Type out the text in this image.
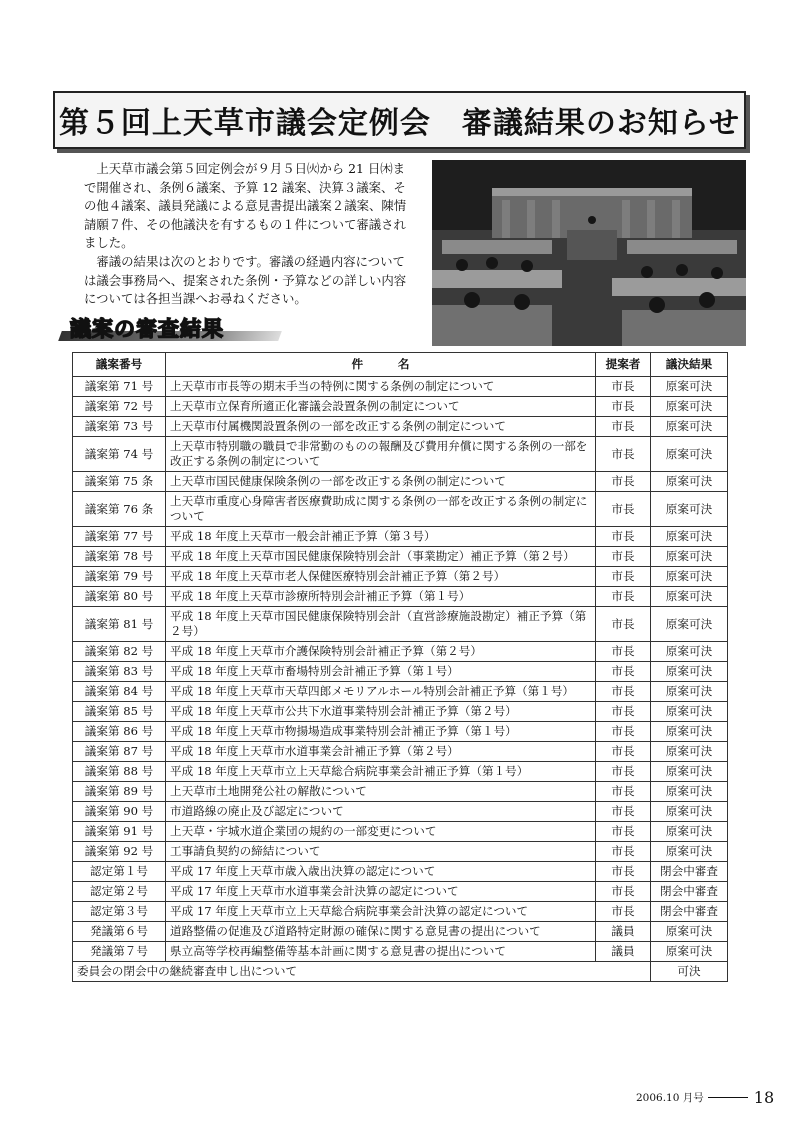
第５回上天草市議会定例会　審議結果のお知らせ

上天草市議会第５回定例会が９月５日㈫から 21 日㈭まで開催され、条例６議案、予算 12 議案、決算３議案、その他４議案、議員発議による意見書提出議案２議案、陳情請願７件、その他議決を有するもの１件について審議されました。

審議の結果は次のとおりです。審議の経過内容については議会事務局へ、提案された条例・予算などの詳しい内容については各担当課へお尋ねください。

議案の審査結果
議案番号	件　　　名	提案者	議決結果
議案第 71 号	上天草市市長等の期末手当の特例に関する条例の制定について	市長	原案可決
議案第 72 号	上天草市立保育所適正化審議会設置条例の制定について	市長	原案可決
議案第 73 号	上天草市付属機関設置条例の一部を改正する条例の制定について	市長	原案可決
議案第 74 号	上天草市特別職の職員で非常勤のものの報酬及び費用弁償に関する条例の一部を改正する条例の制定について	市長	原案可決
議案第 75 条	上天草市国民健康保険条例の一部を改正する条例の制定について	市長	原案可決
議案第 76 条	上天草市重度心身障害者医療費助成に関する条例の一部を改正する条例の制定について	市長	原案可決
議案第 77 号	平成 18 年度上天草市一般会計補正予算（第３号）	市長	原案可決
議案第 78 号	平成 18 年度上天草市国民健康保険特別会計（事業勘定）補正予算（第２号）	市長	原案可決
議案第 79 号	平成 18 年度上天草市老人保健医療特別会計補正予算（第２号）	市長	原案可決
議案第 80 号	平成 18 年度上天草市診療所特別会計補正予算（第１号）	市長	原案可決
議案第 81 号	平成 18 年度上天草市国民健康保険特別会計（直営診療施設勘定）補正予算（第２号）	市長	原案可決
議案第 82 号	平成 18 年度上天草市介護保険特別会計補正予算（第２号）	市長	原案可決
議案第 83 号	平成 18 年度上天草市畜場特別会計補正予算（第１号）	市長	原案可決
議案第 84 号	平成 18 年度上天草市天草四郎メモリアルホール特別会計補正予算（第１号）	市長	原案可決
議案第 85 号	平成 18 年度上天草市公共下水道事業特別会計補正予算（第２号）	市長	原案可決
議案第 86 号	平成 18 年度上天草市物揚場造成事業特別会計補正予算（第１号）	市長	原案可決
議案第 87 号	平成 18 年度上天草市水道事業会計補正予算（第２号）	市長	原案可決
議案第 88 号	平成 18 年度上天草市立上天草総合病院事業会計補正予算（第１号）	市長	原案可決
議案第 89 号	上天草市土地開発公社の解散について	市長	原案可決
議案第 90 号	市道路線の廃止及び認定について	市長	原案可決
議案第 91 号	上天草・宇城水道企業団の規約の一部変更について	市長	原案可決
議案第 92 号	工事請負契約の締結について	市長	原案可決
認定第１号	平成 17 年度上天草市歳入歳出決算の認定について	市長	閉会中審査
認定第２号	平成 17 年度上天草市水道事業会計決算の認定について	市長	閉会中審査
認定第３号	平成 17 年度上天草市立上天草総合病院事業会計決算の認定について	市長	閉会中審査
発議第６号	道路整備の促進及び道路特定財源の確保に関する意見書の提出について	議員	原案可決
発議第７号	県立高等学校再編整備等基本計画に関する意見書の提出について	議員	原案可決
委員会の閉会中の継続審査申し出について			可決
2006.10 月号	18
